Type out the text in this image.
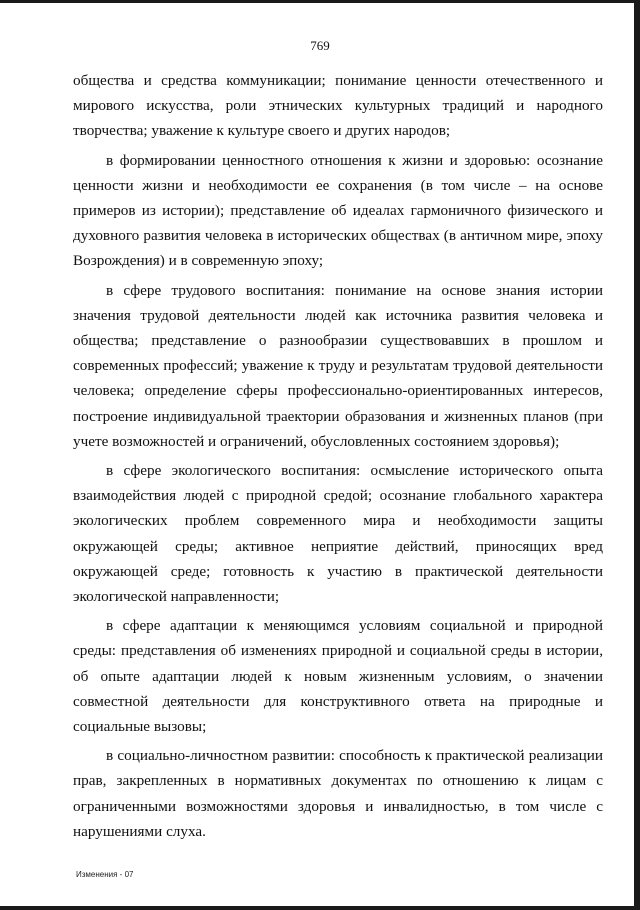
769

общества и средства коммуникации; понимание ценности отечественного и мирового искусства, роли этнических культурных традиций и народного творчества; уважение к культуре своего и других народов;

в формировании ценностного отношения к жизни и здоровью: осознание ценности жизни и необходимости ее сохранения (в том числе – на основе примеров из истории); представление об идеалах гармоничного физического и духовного развития человека в исторических обществах (в античном мире, эпоху Возрождения) и в современную эпоху;

в сфере трудового воспитания: понимание на основе знания истории значения трудовой деятельности людей как источника развития человека и общества; представление о разнообразии существовавших в прошлом и современных профессий; уважение к труду и результатам трудовой деятельности человека; определение сферы профессионально-ориентированных интересов, построение индивидуальной траектории образования и жизненных планов (при учете возможностей и ограничений, обусловленных состоянием здоровья);

в сфере экологического воспитания: осмысление исторического опыта взаимодействия людей с природной средой; осознание глобального характера экологических проблем современного мира и необходимости защиты окружающей среды; активное неприятие действий, приносящих вред окружающей среде; готовность к участию в практической деятельности экологической направленности;

в сфере адаптации к меняющимся условиям социальной и природной среды: представления об изменениях природной и социальной среды в истории, об опыте адаптации людей к новым жизненным условиям, о значении совместной деятельности для конструктивного ответа на природные и социальные вызовы;

в социально-личностном развитии: способность к практической реализации прав, закрепленных в нормативных документах по отношению к лицам с ограниченными возможностями здоровья и инвалидностью, в том числе с нарушениями слуха.

Изменения - 07
